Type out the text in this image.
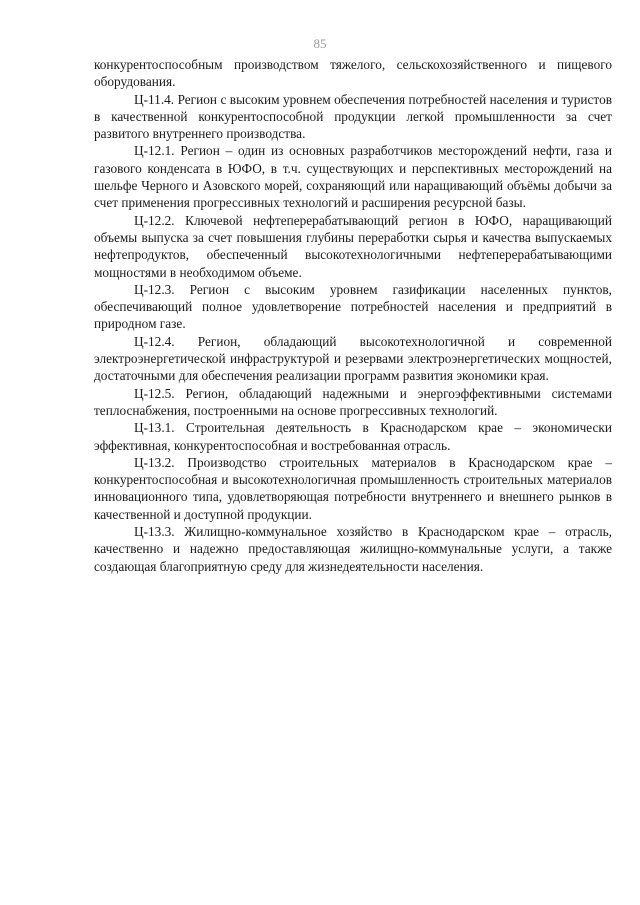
85

конкурентоспособным производством тяжелого, сельскохозяйственного и пищевого оборудования.

Ц-11.4. Регион с высоким уровнем обеспечения потребностей населения и туристов в качественной конкурентоспособной продукции легкой промышленности за счет развитого внутреннего производства.

Ц-12.1. Регион – один из основных разработчиков месторождений нефти, газа и газового конденсата в ЮФО, в т.ч. существующих и перспективных месторождений на шельфе Черного и Азовского морей, сохраняющий или наращивающий объёмы добычи за счет применения прогрессивных технологий и расширения ресурсной базы.

Ц-12.2. Ключевой нефтеперерабатывающий регион в ЮФО, наращивающий объемы выпуска за счет повышения глубины переработки сырья и качества выпускаемых нефтепродуктов, обеспеченный высокотехнологичными нефтеперерабатывающими мощностями в необходимом объеме.

Ц-12.3. Регион с высоким уровнем газификации населенных пунктов, обеспечивающий полное удовлетворение потребностей населения и предприятий в природном газе.

Ц-12.4. Регион, обладающий высокотехнологичной и современной электроэнергетической инфраструктурой и резервами электроэнергетических мощностей, достаточными для обеспечения реализации программ развития экономики края.

Ц-12.5. Регион, обладающий надежными и энергоэффективными системами теплоснабжения, построенными на основе прогрессивных технологий.

Ц-13.1. Строительная деятельность в Краснодарском крае – экономически эффективная, конкурентоспособная и востребованная отрасль.

Ц-13.2. Производство строительных материалов в Краснодарском крае – конкурентоспособная и высокотехнологичная промышленность строительных материалов инновационного типа, удовлетворяющая потребности внутреннего и внешнего рынков в качественной и доступной продукции.

Ц-13.3. Жилищно-коммунальное хозяйство в Краснодарском крае – отрасль, качественно и надежно предоставляющая жилищно-коммунальные услуги, а также создающая благоприятную среду для жизнедеятельности населения.
